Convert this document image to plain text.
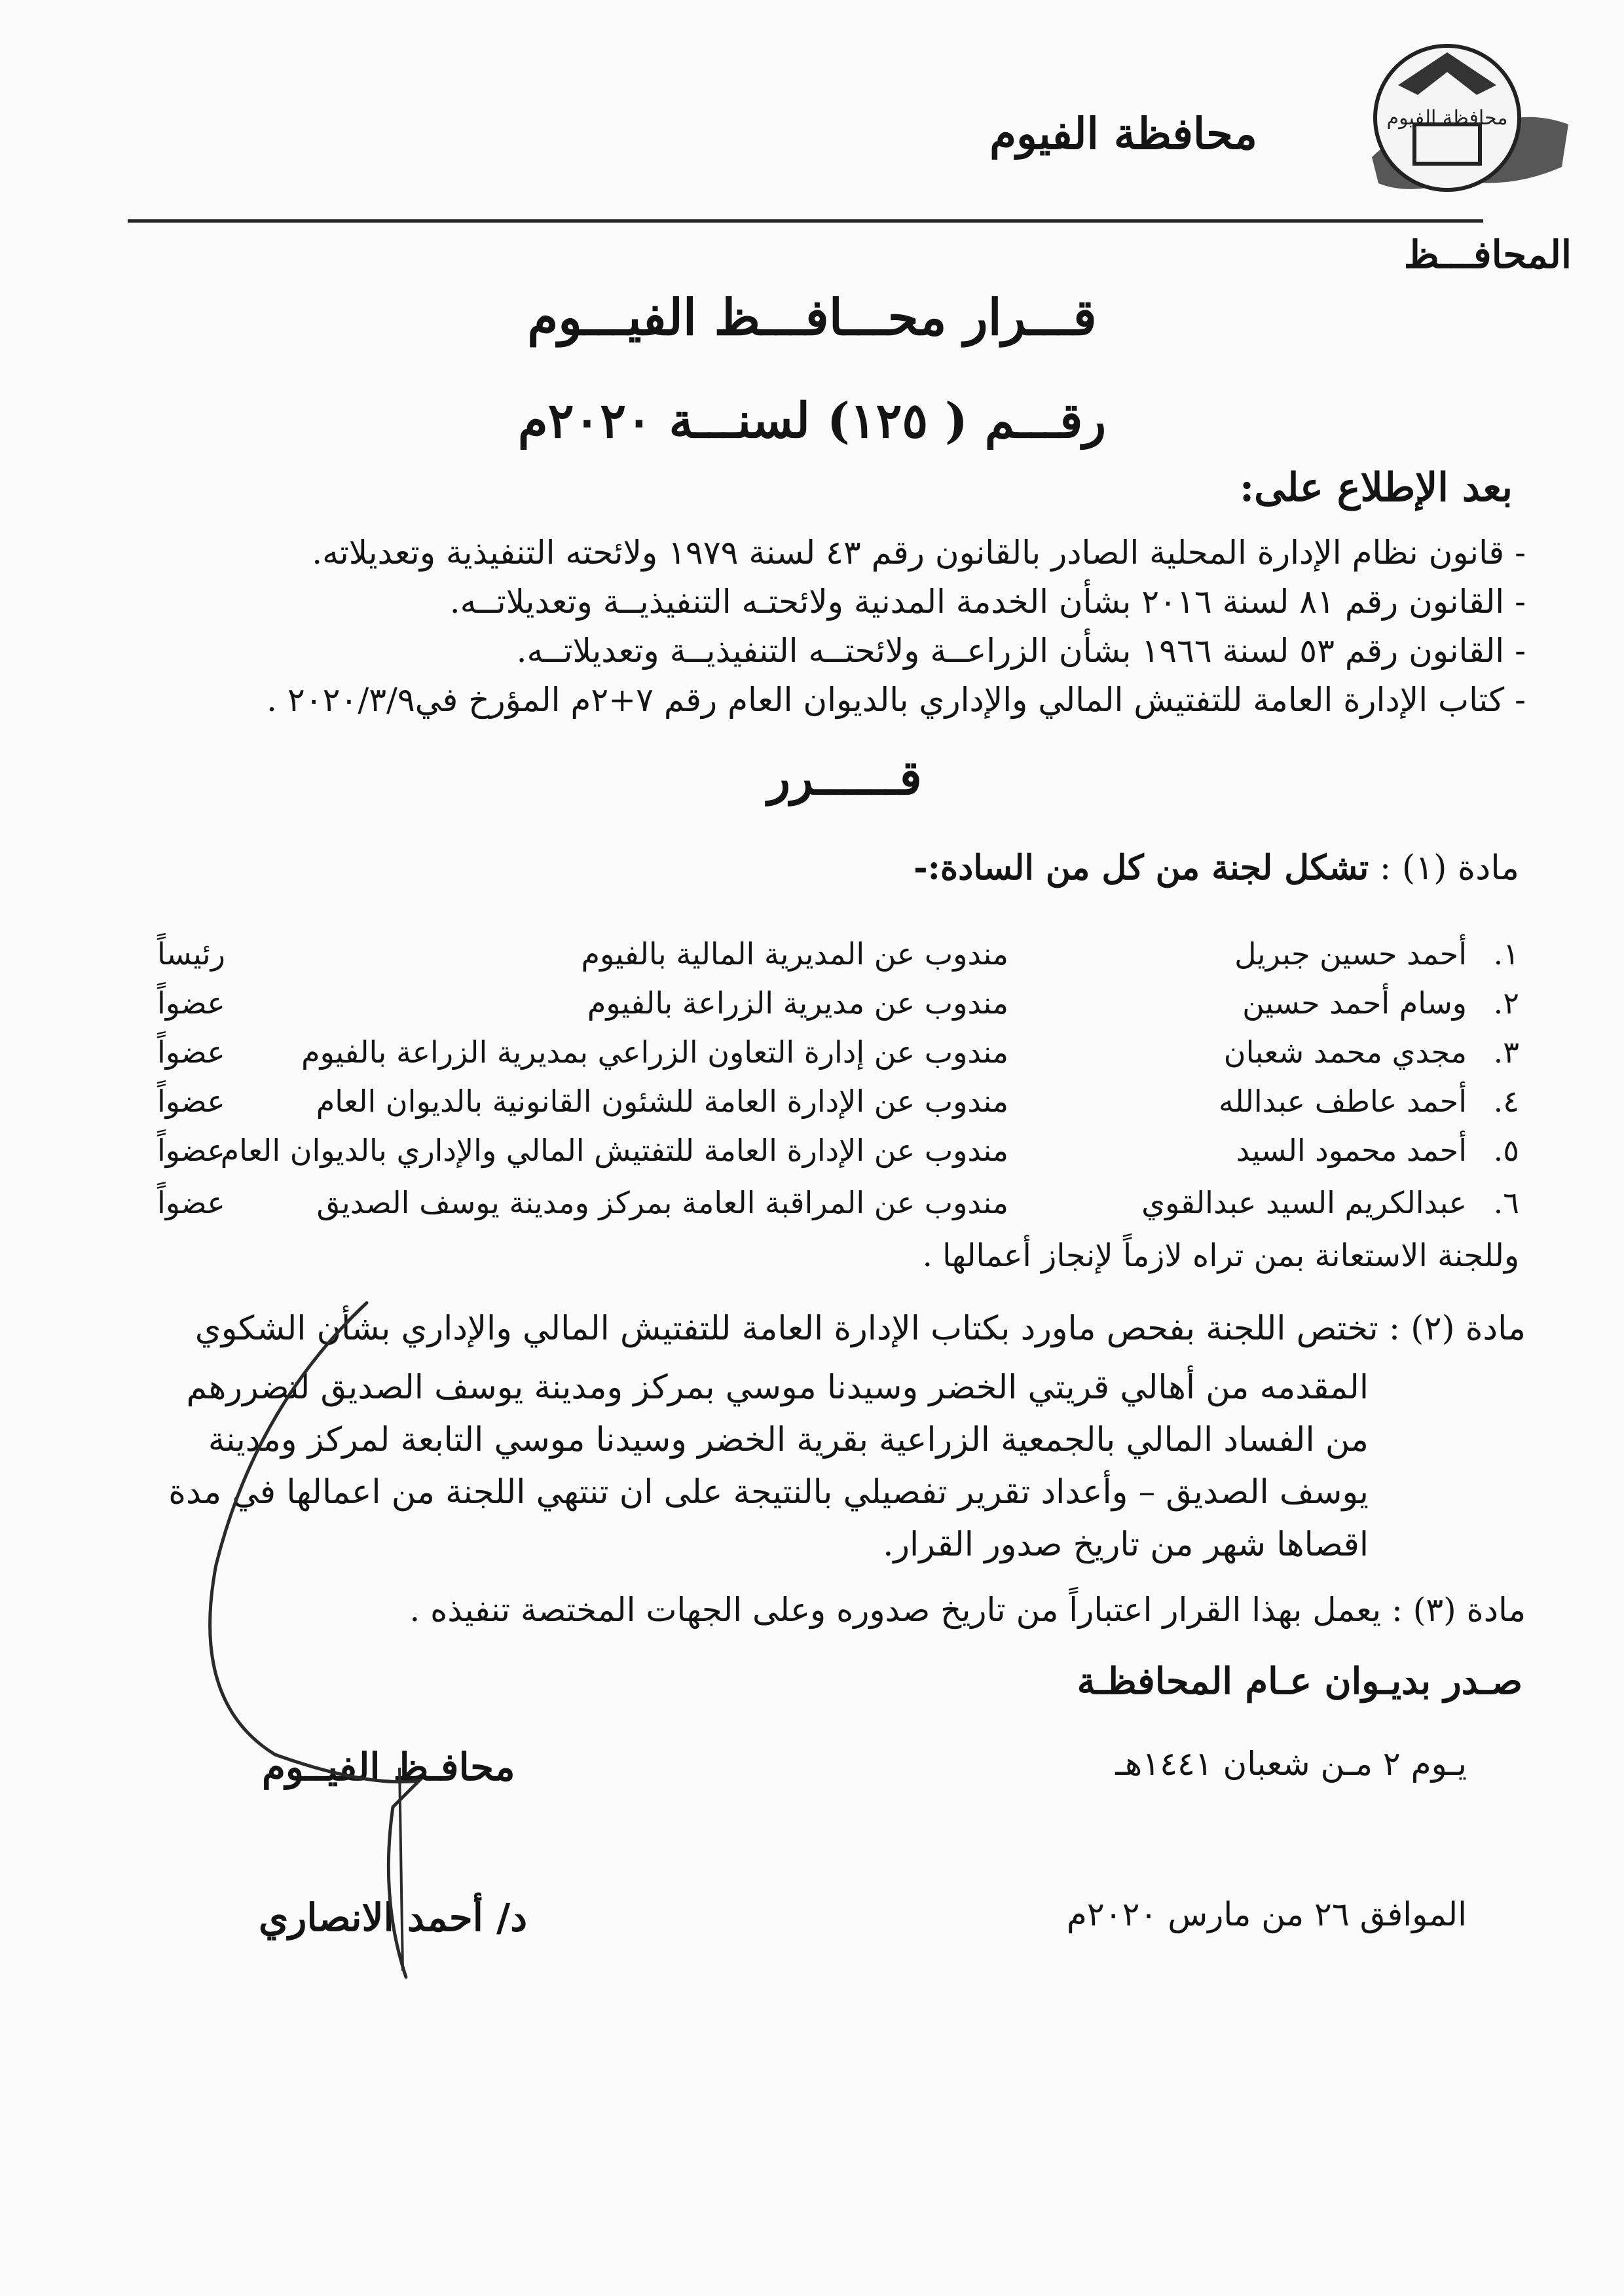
محافظة الفيوم
محافظة الفيوم
المحافـــظ
قـــرار محـــافـــظ الفيـــوم
رقـــم ( ١٢٥) لسنـــة ٢٠٢٠م
بعد الإطلاع على:
- قانون نظام الإدارة المحلية الصادر بالقانون رقم ٤٣ لسنة ١٩٧٩ ولائحته التنفيذية وتعديلاته.
- القانون رقم ٨١ لسنة ٢٠١٦ بشأن الخدمة المدنية ولائحتـه التنفيذيــة وتعديلاتــه.
- القانون رقم ٥٣ لسنة ١٩٦٦ بشأن الزراعــة ولائحتــه التنفيذيــة وتعديلاتــه.
- كتاب الإدارة العامة للتفتيش المالي والإداري بالديوان العام رقم ٧+٢م المؤرخ في٢٠٢٠/٣/٩ .
قــــــرر
مادة (١) : تشكل لجنة من كل من السادة:-
١.
أحمد حسين جبريل
مندوب عن المديرية المالية بالفيوم
رئيساً
٢.
وسام أحمد حسين
مندوب عن مديرية الزراعة بالفيوم
عضواً
٣.
مجدي محمد شعبان
مندوب عن إدارة التعاون الزراعي بمديرية الزراعة بالفيوم
عضواً
٤.
أحمد عاطف عبدالله
مندوب عن الإدارة العامة للشئون القانونية بالديوان العام
عضواً
٥.
أحمد محمود السيد
مندوب عن الإدارة العامة للتفتيش المالي والإداري بالديوان العام
عضواً
٦.
عبدالكريم السيد عبدالقوي
مندوب عن المراقبة العامة بمركز ومدينة يوسف الصديق
عضواً
وللجنة الاستعانة بمن تراه لازماً لإنجاز أعمالها .
مادة (٢) : تختص اللجنة بفحص ماورد بكتاب الإدارة العامة للتفتيش المالي والإداري بشأن الشكوي
المقدمه من أهالي قريتي الخضر وسيدنا موسي بمركز ومدينة يوسف الصديق لتضررهم
من الفساد المالي بالجمعية الزراعية بقرية الخضر وسيدنا موسي التابعة لمركز ومدينة
يوسف الصديق – وأعداد تقرير تفصيلي بالنتيجة على ان تنتهي اللجنة من اعمالها في مدة
اقصاها شهر من تاريخ صدور القرار.
مادة (٣) : يعمل بهذا القرار اعتباراً من تاريخ صدوره وعلى الجهات المختصة تنفيذه .
صـدر بديـوان عـام المحافظـة
يـوم ٢ مـن شعبان ١٤٤١هـ
الموافق ٢٦ من مارس ٢٠٢٠م
محافـظ الفيــوم
د/ أحمد الانصاري
